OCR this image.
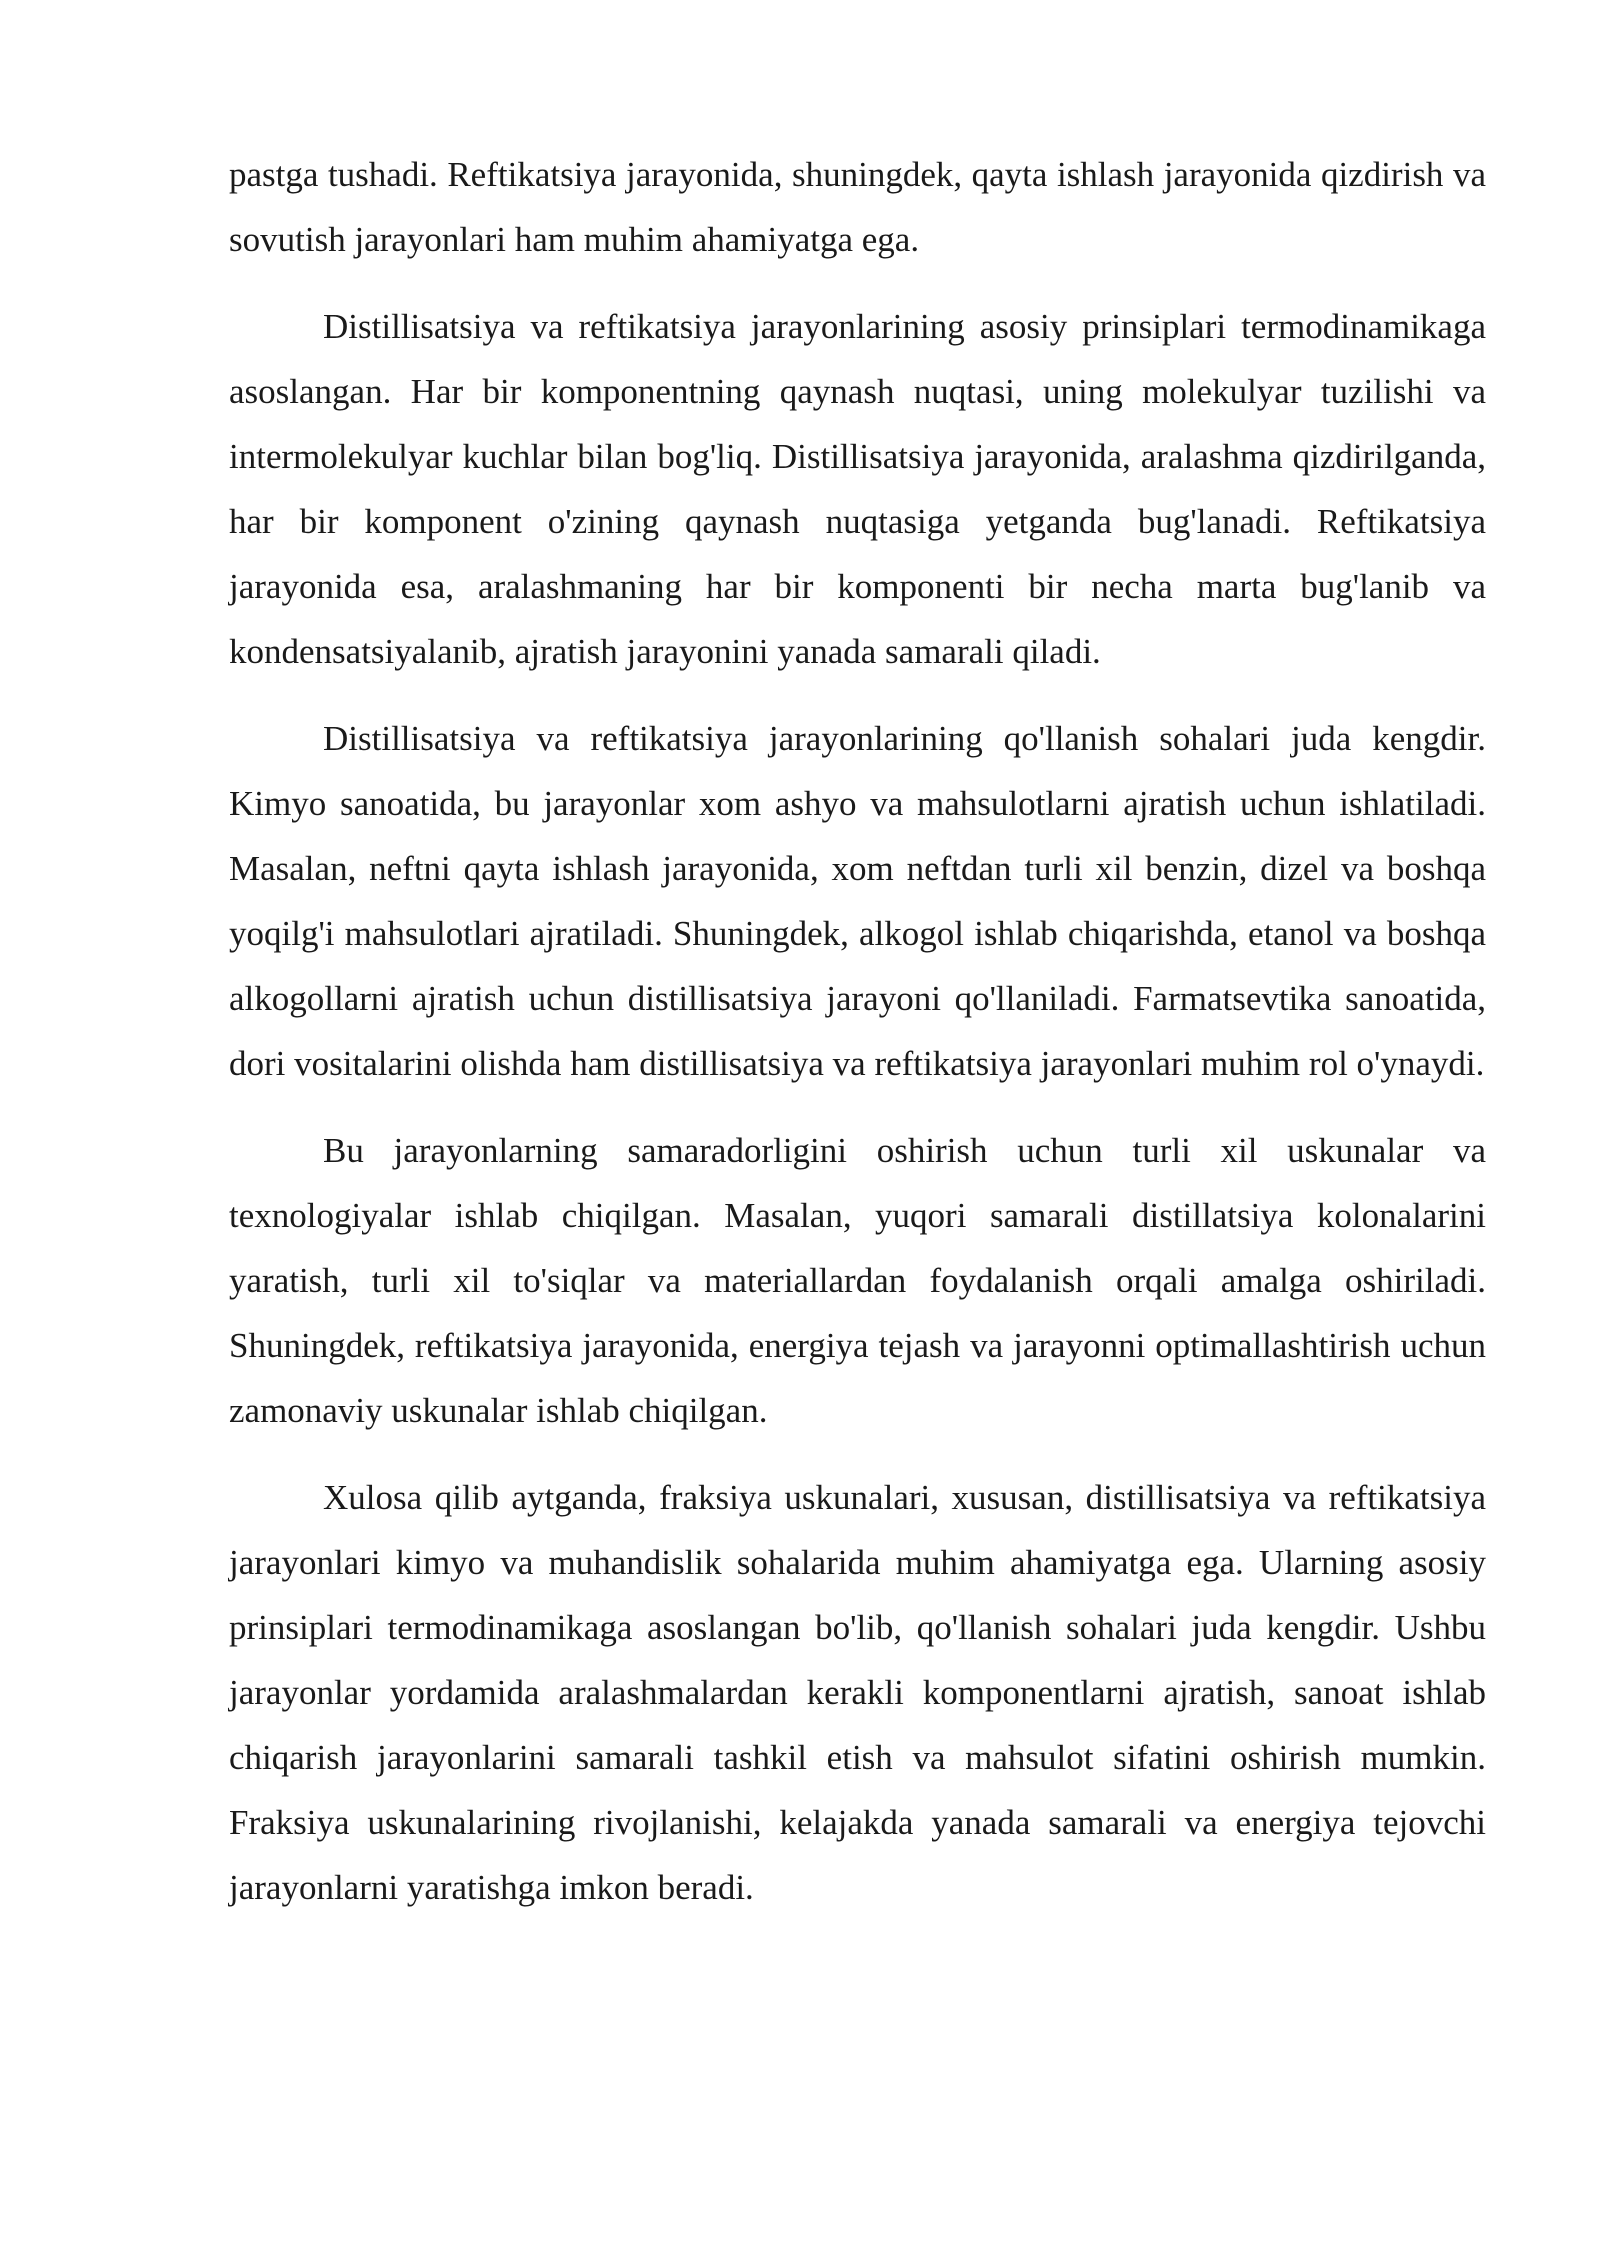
pastga tushadi. Reftikatsiya jarayonida, shuningdek, qayta ishlash jarayonida qizdirish va sovutish jarayonlari ham muhim ahamiyatga ega.

Distillisatsiya va reftikatsiya jarayonlarining asosiy prinsiplari termodinamikaga asoslangan. Har bir komponentning qaynash nuqtasi, uning molekulyar tuzilishi va intermolekulyar kuchlar bilan bog'liq. Distillisatsiya jarayonida, aralashma qizdirilganda, har bir komponent o'zining qaynash nuqtasiga yetganda bug'lanadi. Reftikatsiya jarayonida esa, aralashmaning har bir komponenti bir necha marta bug'lanib va kondensatsiyalanib, ajratish jarayonini yanada samarali qiladi.

Distillisatsiya va reftikatsiya jarayonlarining qo'llanish sohalari juda kengdir. Kimyo sanoatida, bu jarayonlar xom ashyo va mahsulotlarni ajratish uchun ishlatiladi. Masalan, neftni qayta ishlash jarayonida, xom neftdan turli xil benzin, dizel va boshqa yoqilg'i mahsulotlari ajratiladi. Shuningdek, alkogol ishlab chiqarishda, etanol va boshqa alkogollarni ajratish uchun distillisatsiya jarayoni qo'llaniladi. Farmatsevtika sanoatida, dori vositalarini olishda ham distillisatsiya va reftikatsiya jarayonlari muhim rol o'ynaydi.

Bu jarayonlarning samaradorligini oshirish uchun turli xil uskunalar va texnologiyalar ishlab chiqilgan. Masalan, yuqori samarali distillatsiya kolonalarini yaratish, turli xil to'siqlar va materiallardan foydalanish orqali amalga oshiriladi. Shuningdek, reftikatsiya jarayonida, energiya tejash va jarayonni optimallashtirish uchun zamonaviy uskunalar ishlab chiqilgan.

Xulosa qilib aytganda, fraksiya uskunalari, xususan, distillisatsiya va reftikatsiya jarayonlari kimyo va muhandislik sohalarida muhim ahamiyatga ega. Ularning asosiy prinsiplari termodinamikaga asoslangan bo'lib, qo'llanish sohalari juda kengdir. Ushbu jarayonlar yordamida aralashmalardan kerakli komponentlarni ajratish, sanoat ishlab chiqarish jarayonlarini samarali tashkil etish va mahsulot sifatini oshirish mumkin. Fraksiya uskunalarining rivojlanishi, kelajakda yanada samarali va energiya tejovchi jarayonlarni yaratishga imkon beradi.
